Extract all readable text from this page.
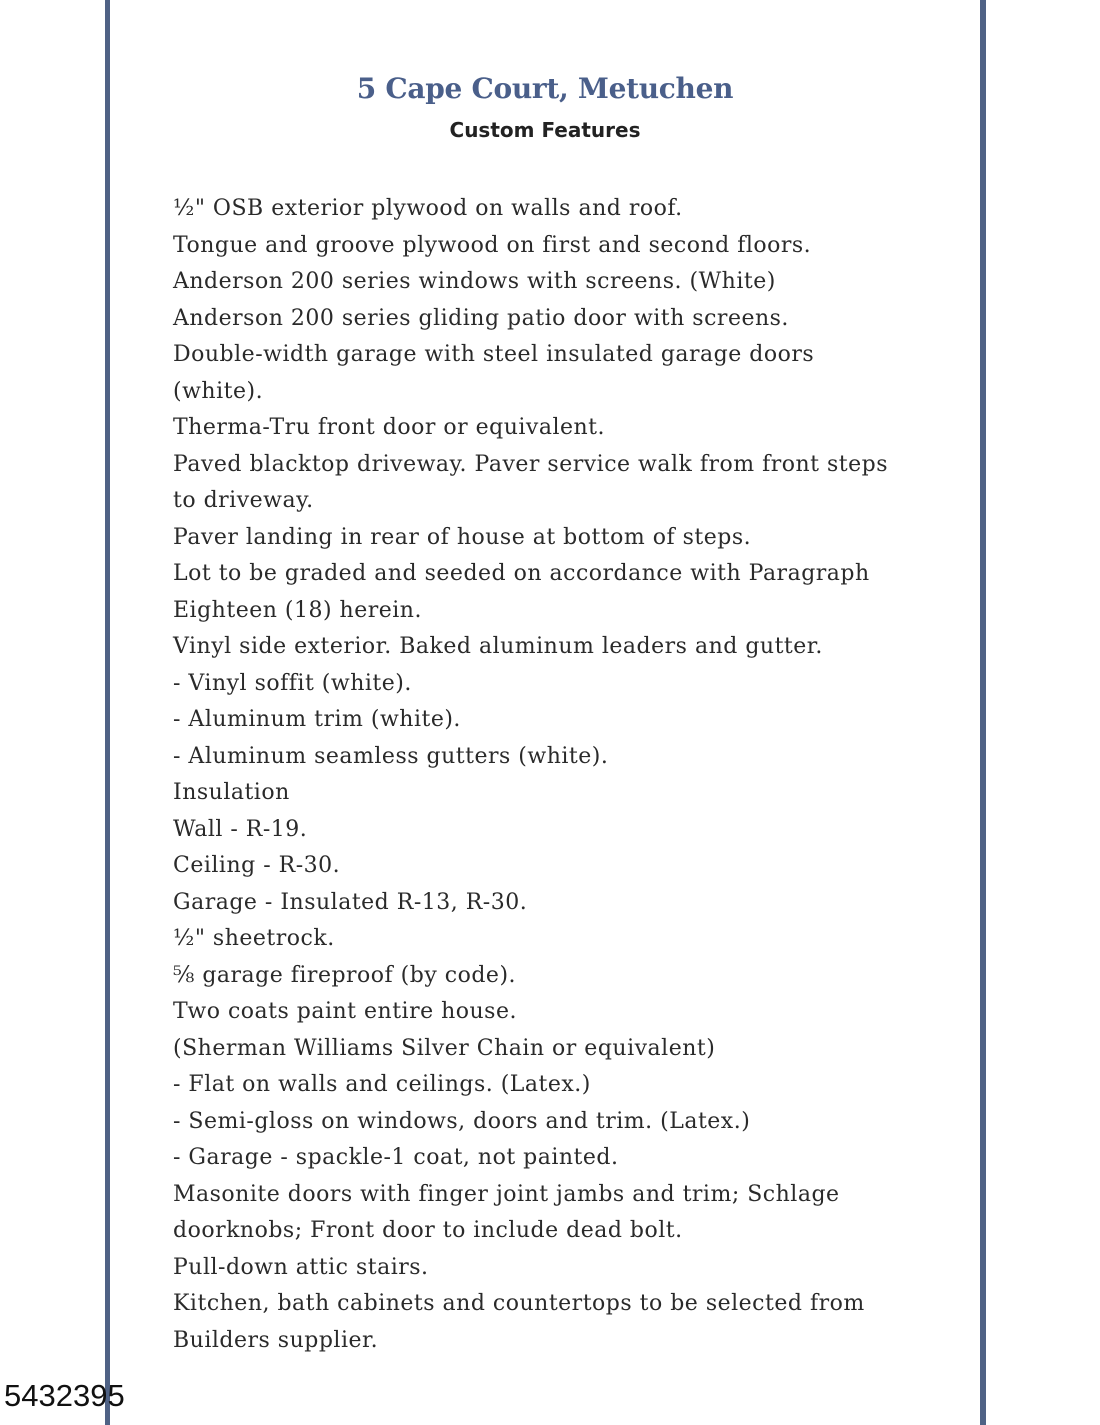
5 Cape Court, Metuchen
Custom Features
½" OSB exterior plywood on walls and roof.
Tongue and groove plywood on first and second floors.
Anderson 200 series windows with screens. (White)
Anderson 200 series gliding patio door with screens.
Double-width garage with steel insulated garage doors
(white).
Therma-Tru front door or equivalent.
Paved blacktop driveway. Paver service walk from front steps
to driveway.
Paver landing in rear of house at bottom of steps.
Lot to be graded and seeded on accordance with Paragraph
Eighteen (18) herein.
Vinyl side exterior. Baked aluminum leaders and gutter.
- Vinyl soffit (white).
- Aluminum trim (white).
- Aluminum seamless gutters (white).
Insulation
Wall - R-19.
Ceiling - R-30.
Garage - Insulated R-13, R-30.
½" sheetrock.
⅝ garage fireproof (by code).
Two coats paint entire house.
(Sherman Williams Silver Chain or equivalent)
- Flat on walls and ceilings. (Latex.)
- Semi-gloss on windows, doors and trim. (Latex.)
- Garage - spackle-1 coat, not painted.
Masonite doors with finger joint jambs and trim; Schlage
doorknobs; Front door to include dead bolt.
Pull-down attic stairs.
Kitchen, bath cabinets and countertops to be selected from
Builders supplier.
5432395
